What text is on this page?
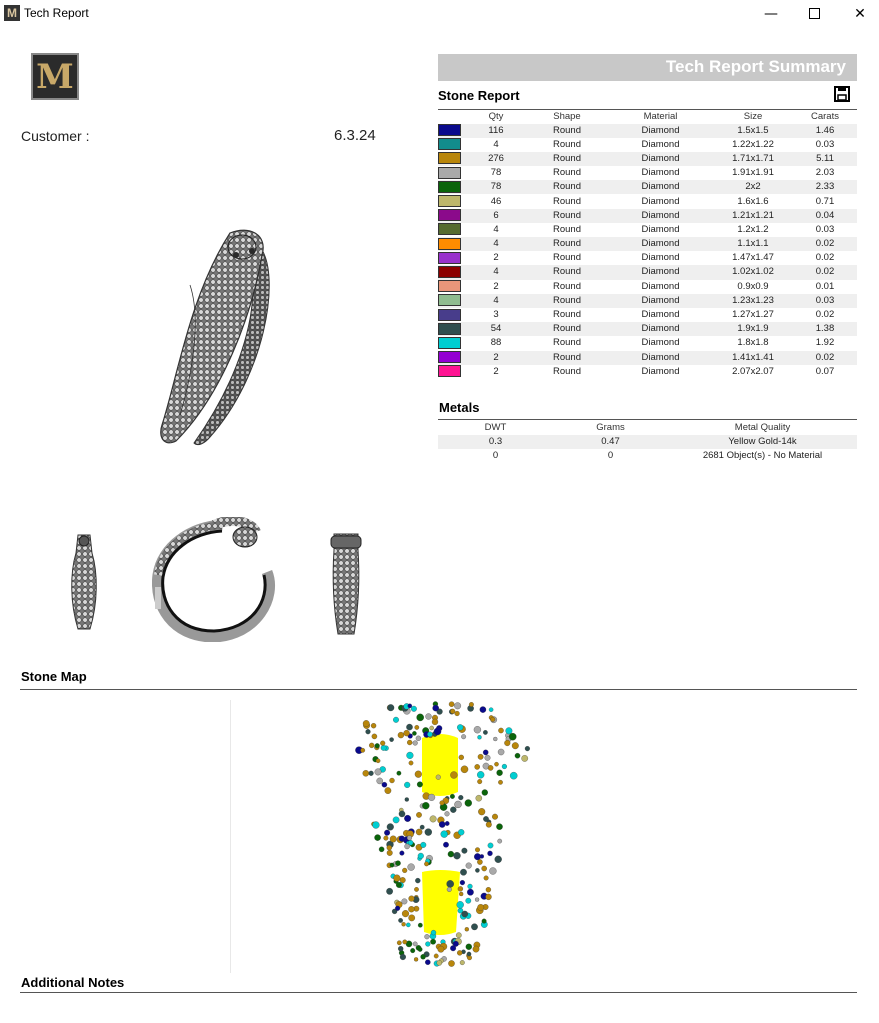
M Tech Report	—	✕
M
Customer :	6.3.24
Tech Report Summary
Stone Report
	Qty	Shape	Material	Size	Carats
	116	Round	Diamond	1.5x1.5	1.46
	4	Round	Diamond	1.22x1.22	0.03
	276	Round	Diamond	1.71x1.71	5.11
	78	Round	Diamond	1.91x1.91	2.03
	78	Round	Diamond	2x2	2.33
	46	Round	Diamond	1.6x1.6	0.71
	6	Round	Diamond	1.21x1.21	0.04
	4	Round	Diamond	1.2x1.2	0.03
	4	Round	Diamond	1.1x1.1	0.02
	2	Round	Diamond	1.47x1.47	0.02
	4	Round	Diamond	1.02x1.02	0.02
	2	Round	Diamond	0.9x0.9	0.01
	4	Round	Diamond	1.23x1.23	0.03
	3	Round	Diamond	1.27x1.27	0.02
	54	Round	Diamond	1.9x1.9	1.38
	88	Round	Diamond	1.8x1.8	1.92
	2	Round	Diamond	1.41x1.41	0.02
	2	Round	Diamond	2.07x2.07	0.07
Metals
DWT	Grams	Metal Quality
0.3	0.47	Yellow Gold-14k
0	0	2681 Object(s) - No Material
Stone Map
Additional Notes
